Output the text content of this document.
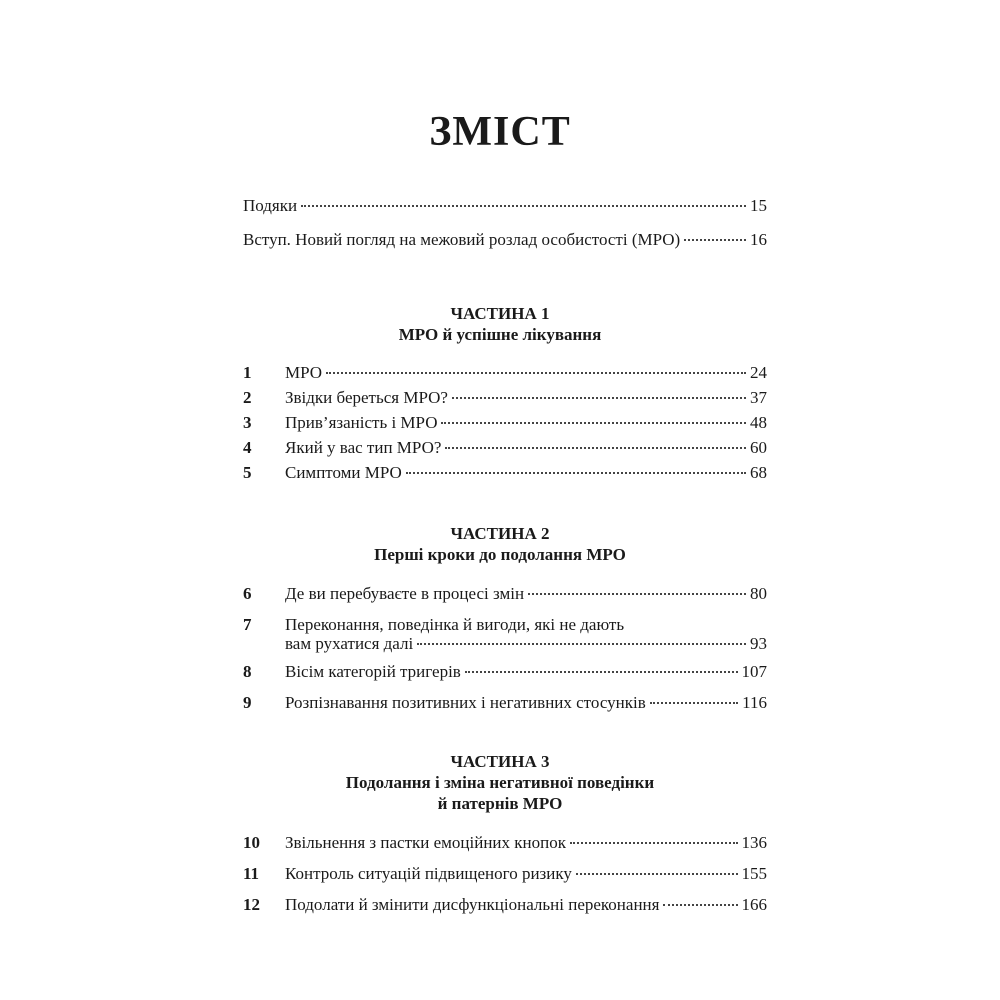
ЗМІСТ
Подяки	15
Вступ. Новий погляд на межовий розлад особистості (МРО)	16
ЧАСТИНА 1
МРО й успішне лікування
1	МРО	24
2	Звідки береться МРО?	37
3	Прив’язаність і МРО	48
4	Який у вас тип МРО?	60
5	Симптоми МРО	68
ЧАСТИНА 2
Перші кроки до подолання МРО
6	Де ви перебуваєте в процесі змін	80
7 Переконання, поведінка й вигоди, які не дають
вам рухатися далі	93
8	Вісім категорій тригерів	107
9	Розпізнавання позитивних і негативних стосунків	116
ЧАСТИНА 3
Подолання і зміна негативної поведінки
й патернів МРО
10	Звільнення з пастки емоційних кнопок	136
11	Контроль ситуацій підвищеного ризику	155
12	Подолати й змінити дисфункціональні переконання	166
